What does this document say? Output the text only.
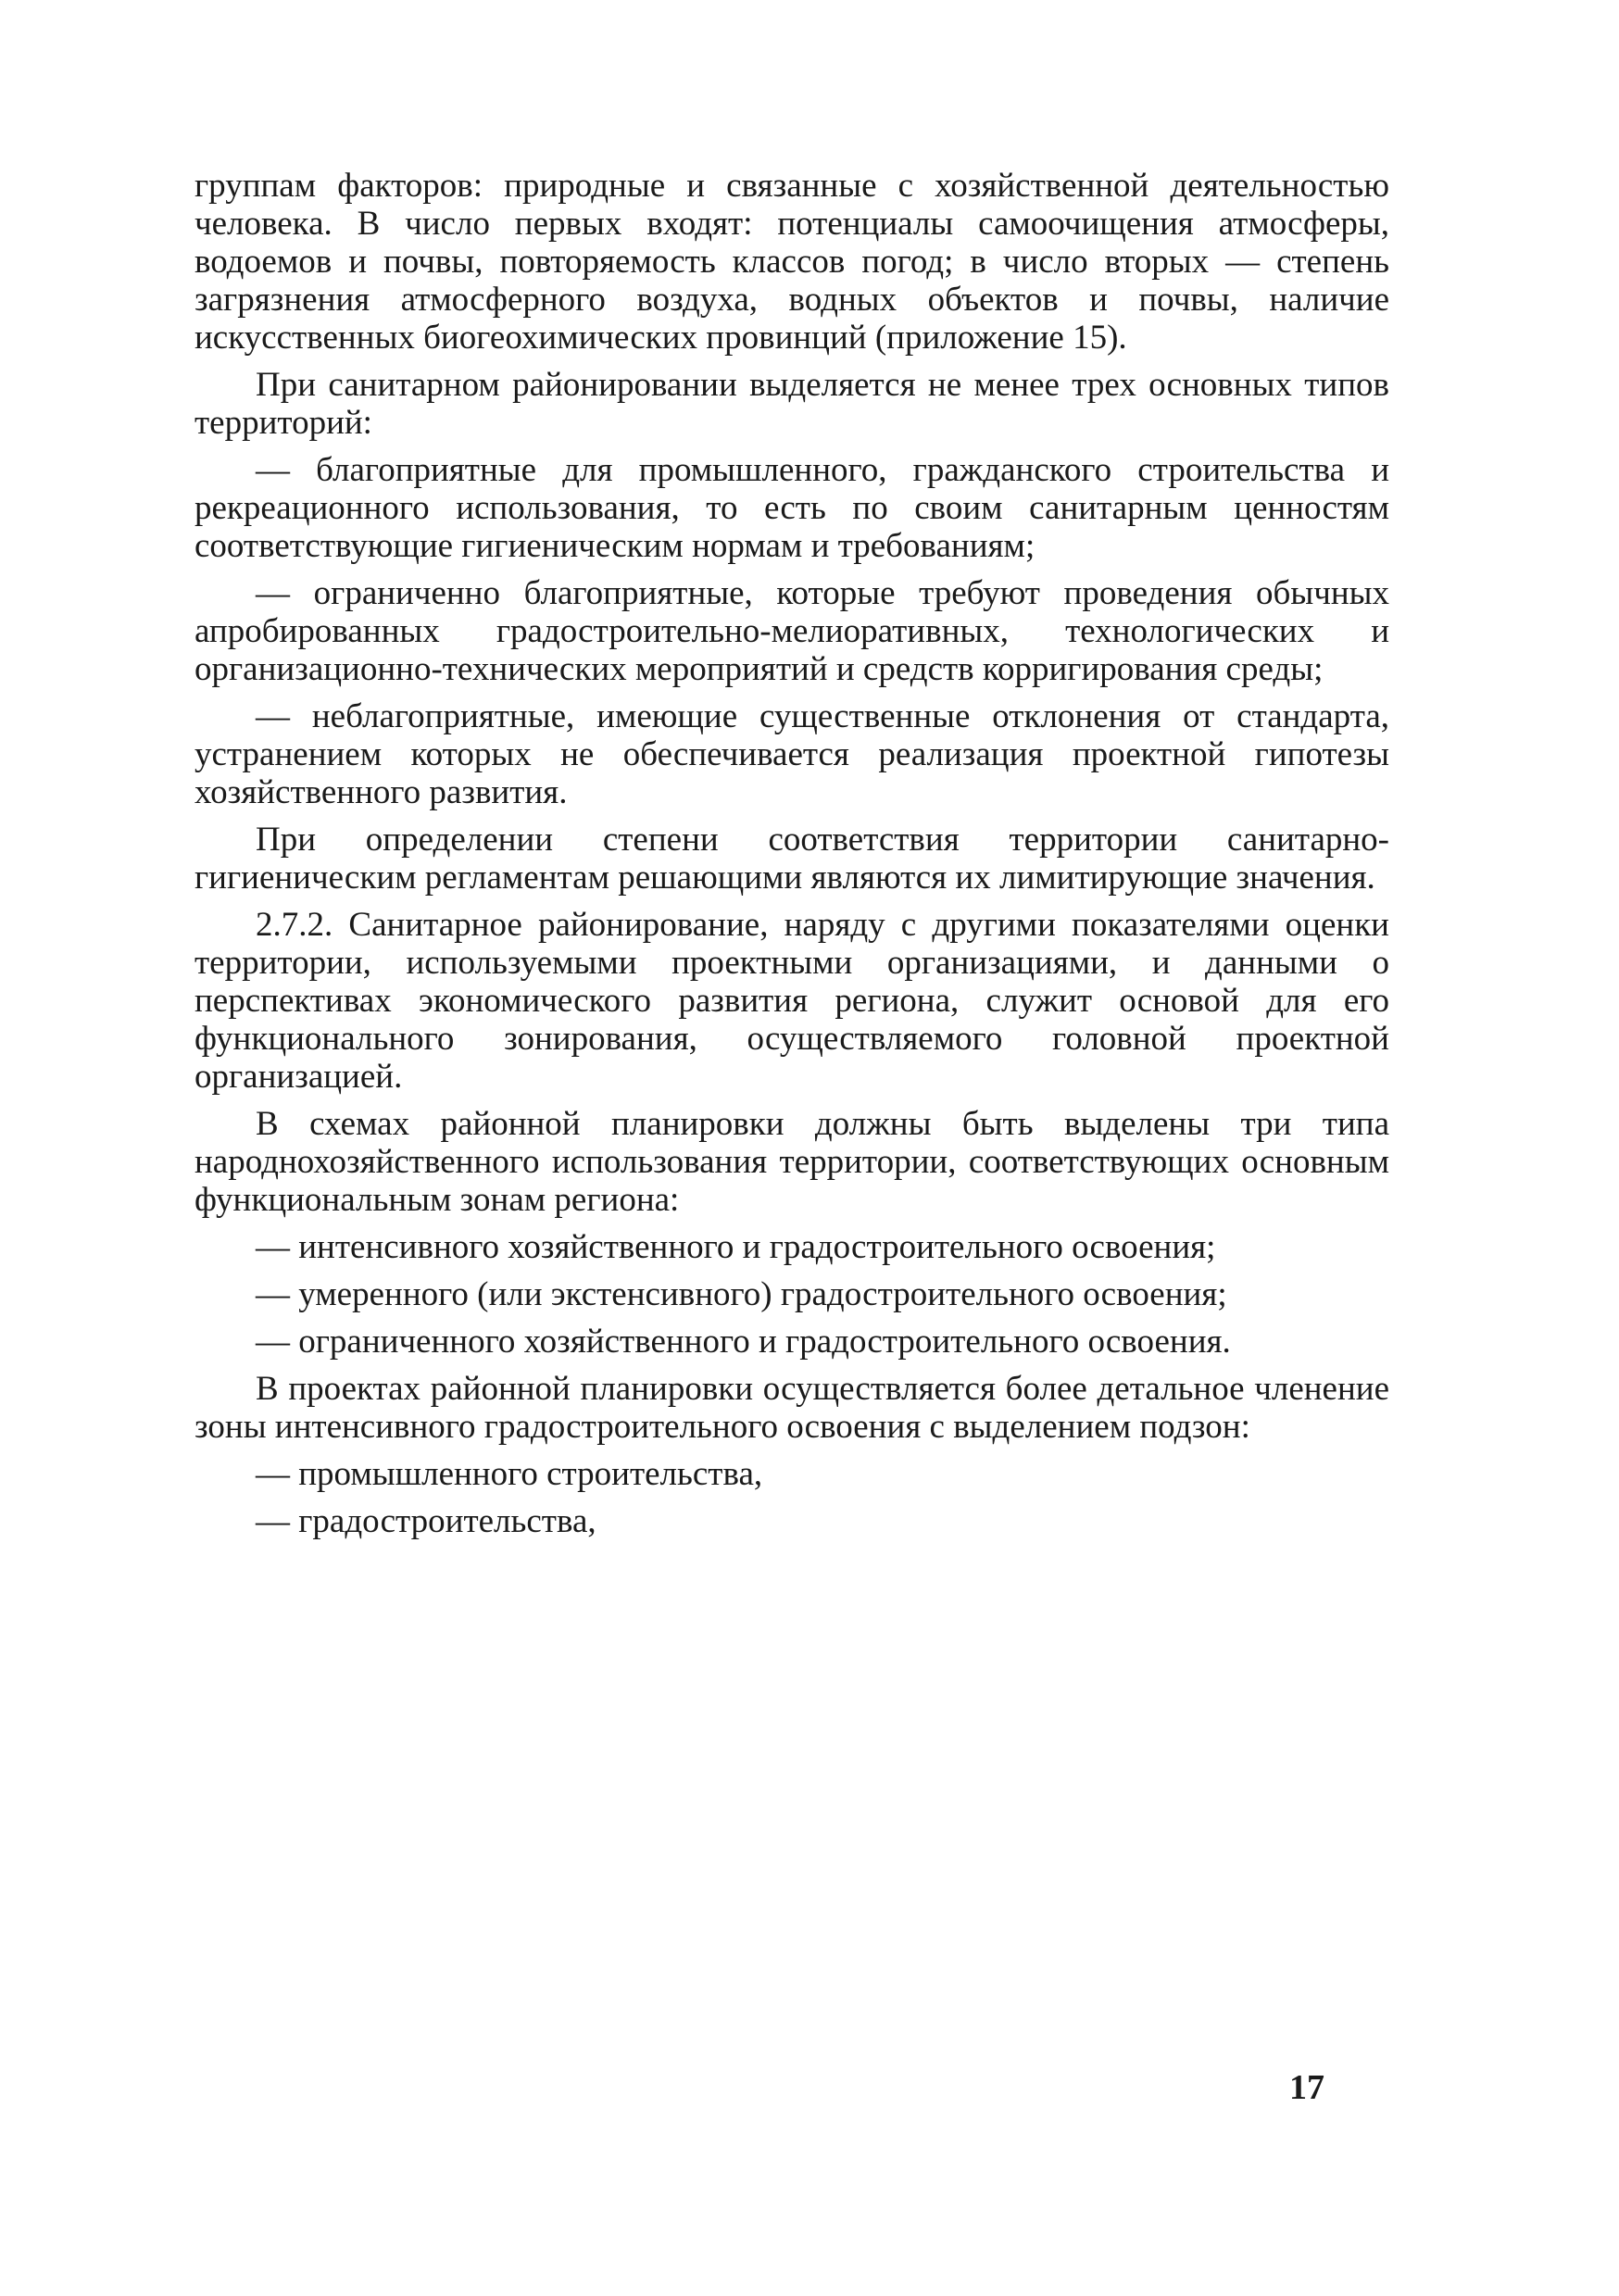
группам факторов: природные и связанные с хозяйственной деятельностью человека. В число первых входят: потенциалы самоочищения атмосферы, водоемов и почвы, повторяемость классов погод; в число вторых — степень загрязнения атмосферного воздуха, водных объектов и почвы, наличие искусственных биогеохимических провинций (приложение 15).

При санитарном районировании выделяется не менее трех основных типов территорий:

— благоприятные для промышленного, гражданского строительства и рекреационного использования, то есть по своим санитарным ценностям соответствующие гигиеническим нормам и требованиям;

— ограниченно благоприятные, которые требуют проведения обычных апробированных градостроительно-мелиоративных, технологических и организационно-технических мероприятий и средств корригирования среды;

— неблагоприятные, имеющие существенные отклонения от стандарта, устранением которых не обеспечивается реализация проектной гипотезы хозяйственного развития.

При определении степени соответствия территории санитарно-гигиеническим регламентам решающими являются их лимитирующие значения.

2.7.2. Санитарное районирование, наряду с другими показателями оценки территории, используемыми проектными организациями, и данными о перспективах экономического развития региона, служит основой для его функционального зонирования, осуществляемого головной проектной организацией.

В схемах районной планировки должны быть выделены три типа народнохозяйственного использования территории, соответствующих основным функциональным зонам региона:

— интенсивного хозяйственного и градостроительного освоения;

— умеренного (или экстенсивного) градостроительного освоения;

— ограниченного хозяйственного и градостроительного освоения.

В проектах районной планировки осуществляется более детальное членение зоны интенсивного градостроительного освоения с выделением подзон:

— промышленного строительства,

— градостроительства,

17
